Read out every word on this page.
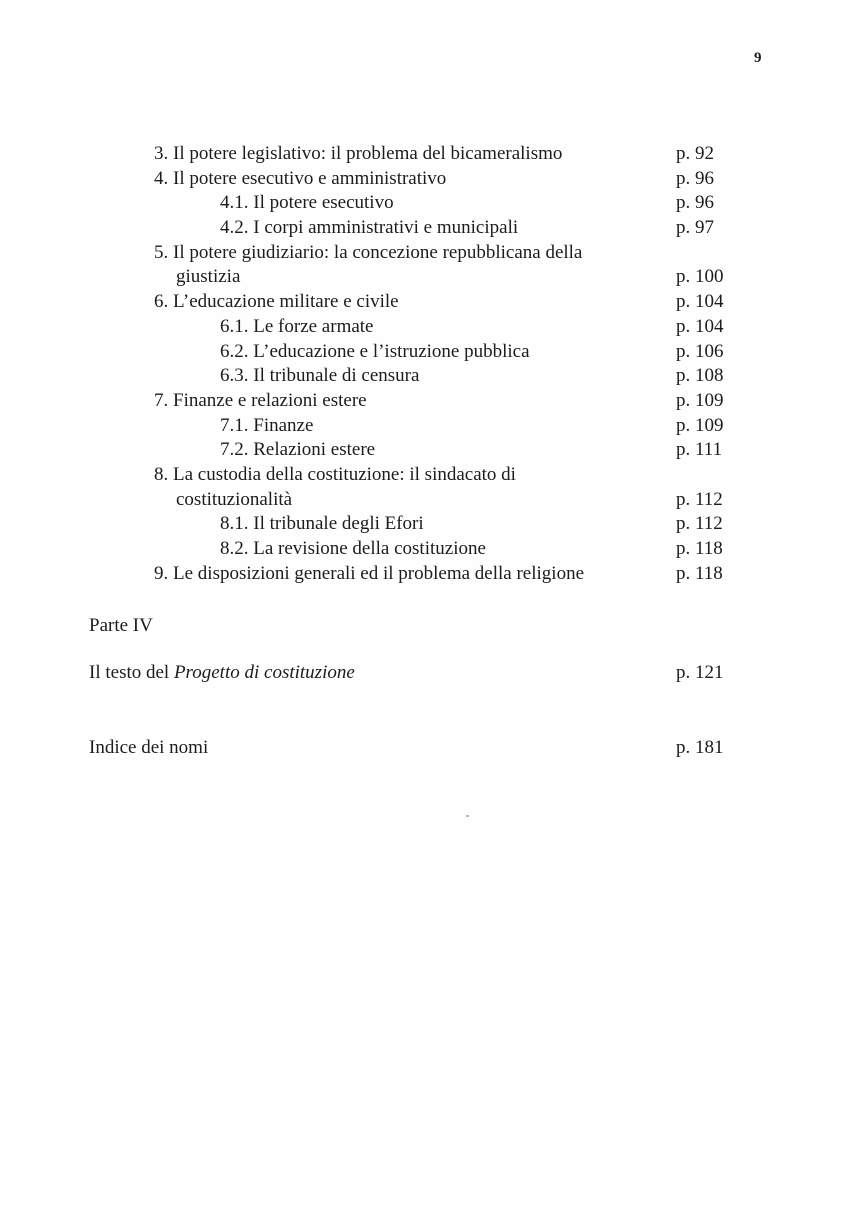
9
3. Il potere legislativo: il problema del bicameralismo	p. 92
4. Il potere esecutivo e amministrativo	p. 96
4.1. Il potere esecutivo	p. 96
4.2. I corpi amministrativi e municipali	p. 97
5. Il potere giudiziario: la concezione repubblicana della
giustizia	p. 100
6. L’educazione militare e civile	p. 104
6.1. Le forze armate	p. 104
6.2. L’educazione e l’istruzione pubblica	p. 106
6.3. Il tribunale di censura	p. 108
7. Finanze e relazioni estere	p. 109
7.1. Finanze	p. 109
7.2. Relazioni estere	p. 111
8. La custodia della costituzione: il sindacato di
costituzionalità	p. 112
8.1. Il tribunale degli Efori	p. 112
8.2. La revisione della costituzione	p. 118
9. Le disposizioni generali ed il problema della religione	p. 118
Parte IV
Il testo del Progetto di costituzione	p. 121
Indice dei nomi	p. 181
